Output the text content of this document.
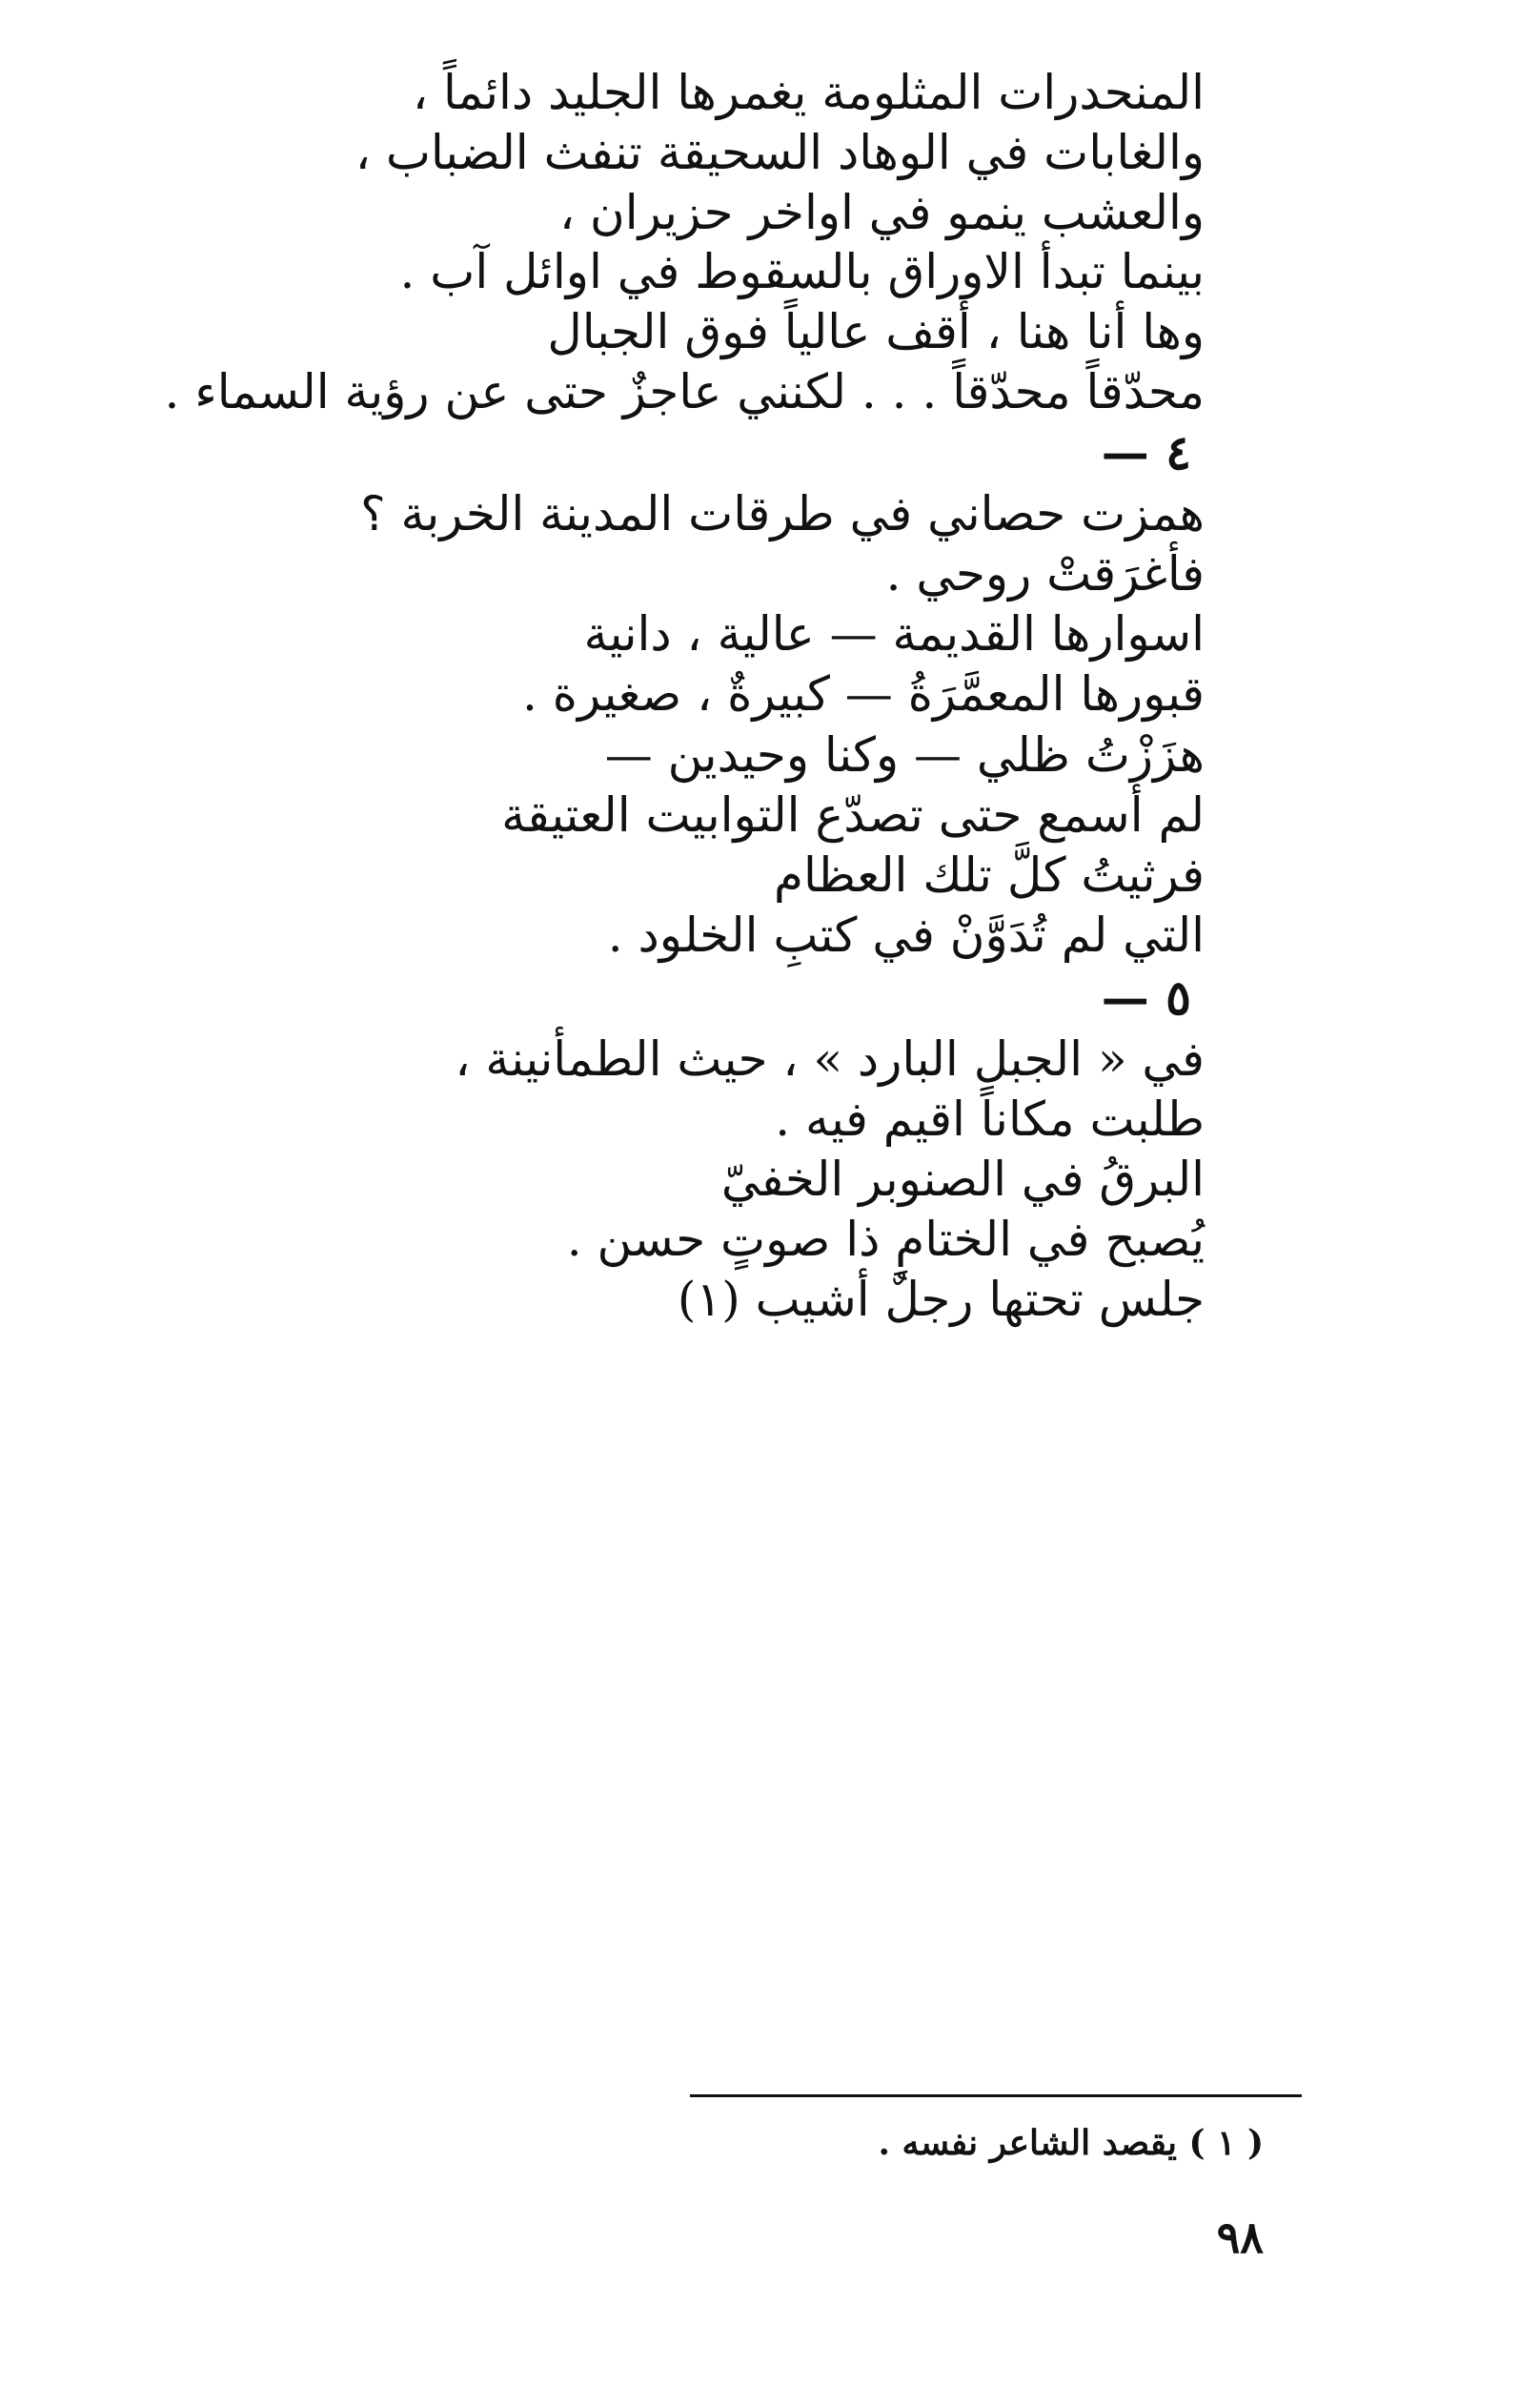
المنحدرات المثلومة يغمرها الجليد دائماً ،
والغابات في الوهاد السحيقة تنفث الضباب ،
والعشب ينمو في اواخر حزيران ،
بينما تبدأ الاوراق بالسقوط في اوائل آب .
وها أنا هنا ، أقف عالياً فوق الجبال
محدّقاً محدّقاً . . . لكنني عاجزٌ حتى عن رؤية السماء .
٤ —
همزت حصاني في طرقات المدينة الخربة ؟
فأغرَقتْ روحي .
اسوارها القديمة — عالية ، دانية
قبورها المعمَّرَةُ — كبيرةٌ ، صغيرة .
هزَزْتُ ظلي — وكنا وحيدين —
لم أسمع حتى تصدّع التوابيت العتيقة
فرثيتُ كلَّ تلك العظام
التي لم تُدَوَّنْ في كتبِ الخلود .
٥ —
في « الجبل البارد » ، حيث الطمأنينة ،
طلبت مكاناً اقيم فيه .
البرقُ في الصنوبر الخفيّ
يُصبح في الختامِ ذا صوتٍ حسن .
جلس تحتها رجلٌ أشيب (١)
( ١ ) يقصد الشاعر نفسه .
٩٨
